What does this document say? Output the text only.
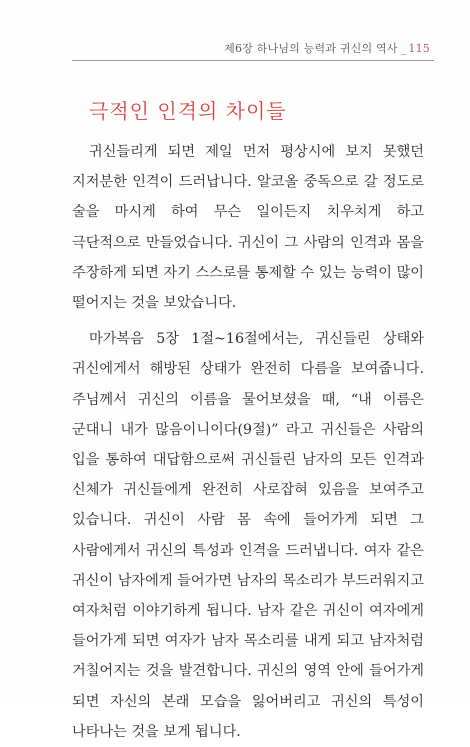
제6장 하나님의 능력과 귀신의 역사 _ 115
극적인 인격의 차이들

귀신들리게 되면 제일 먼저 평상시에 보지 못했던 지저분한 인격이 드러납니다. 알코올 중독으로 갈 정도로 술을 마시게 하여 무슨 일이든지 치우치게 하고 극단적으로 만들었습니다. 귀신이 그 사람의 인격과 몸을 주장하게 되면 자기 스스로를 통제할 수 있는 능력이 많이 떨어지는 것을 보았습니다.

마가복음 5장 1절~16절에서는, 귀신들린 상태와 귀신에게서 해방된 상태가 완전히 다름을 보여줍니다. 주님께서 귀신의 이름을 물어보셨을 때, “내 이름은 군대니 내가 많음이니이다(9절)” 라고 귀신들은 사람의 입을 통하여 대답함으로써 귀신들린 남자의 모든 인격과 신체가 귀신들에게 완전히 사로잡혀 있음을 보여주고 있습니다. 귀신이 사람 몸 속에 들어가게 되면 그 사람에게서 귀신의 특성과 인격을 드러냅니다. 여자 같은 귀신이 남자에게 들어가면 남자의 목소리가 부드러워지고 여자처럼 이야기하게 됩니다. 남자 같은 귀신이 여자에게 들어가게 되면 여자가 남자 목소리를 내게 되고 남자처럼 거칠어지는 것을 발견합니다. 귀신의 영역 안에 들어가게 되면 자신의 본래 모습을 잃어버리고 귀신의 특성이 나타나는 것을 보게 됩니다.
